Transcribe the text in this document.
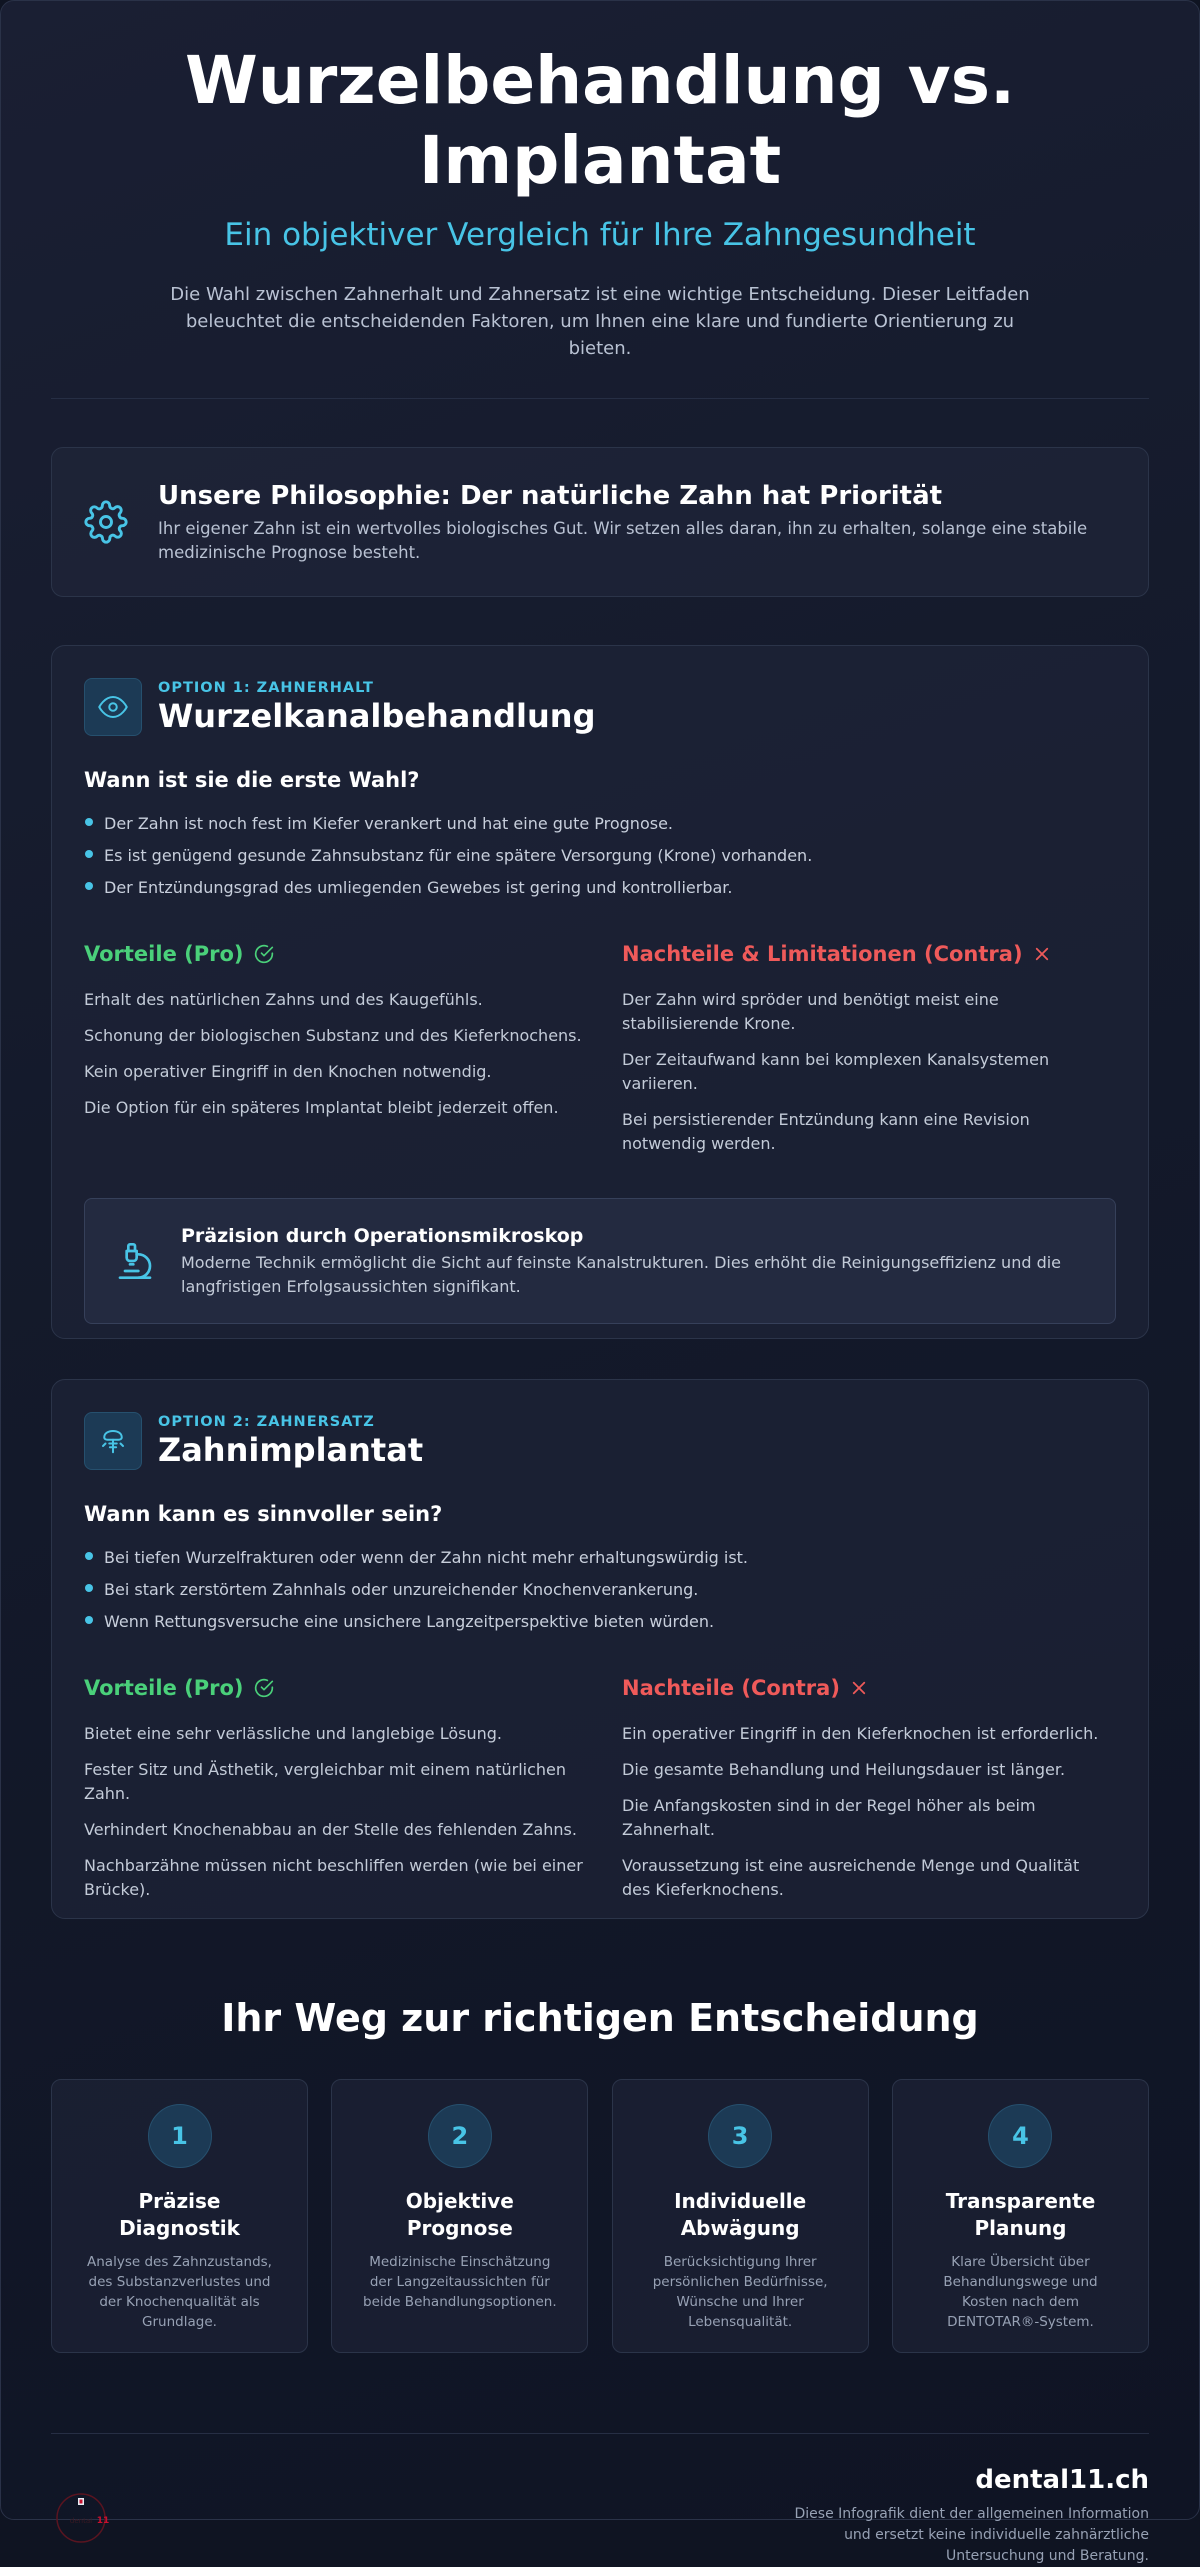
Wurzelbehandlung vs. Implantat
Ein objektiver Vergleich für Ihre Zahngesundheit

Die Wahl zwischen Zahnerhalt und Zahnersatz ist eine wichtige Entscheidung. Dieser Leitfaden beleuchtet die entscheidenden Faktoren, um Ihnen eine klare und fundierte Orientierung zu bieten.

Unsere Philosophie: Der natürliche Zahn hat Priorität
Ihr eigener Zahn ist ein wertvolles biologisches Gut. Wir setzen alles daran, ihn zu erhalten, solange eine stabile medizinische Prognose besteht.
OPTION 1: ZAHNERHALT
Wurzelkanalbehandlung
Wann ist sie die erste Wahl?
Der Zahn ist noch fest im Kiefer verankert und hat eine gute Prognose.
Es ist genügend gesunde Zahnsubstanz für eine spätere Versorgung (Krone) vorhanden.
Der Entzündungsgrad des umliegenden Gewebes ist gering und kontrollierbar.
Vorteile (Pro)
Erhalt des natürlichen Zahns und des Kaugefühls.
Schonung der biologischen Substanz und des Kieferknochens.
Kein operativer Eingriff in den Knochen notwendig.
Die Option für ein späteres Implantat bleibt jederzeit offen.
Nachteile & Limitationen (Contra)
Der Zahn wird spröder und benötigt meist eine stabilisierende Krone.
Der Zeitaufwand kann bei komplexen Kanalsystemen variieren.
Bei persistierender Entzündung kann eine Revision notwendig werden.
Präzision durch Operationsmikroskop
Moderne Technik ermöglicht die Sicht auf feinste Kanalstrukturen. Dies erhöht die Reinigungseffizienz und die langfristigen Erfolgsaussichten signifikant.
OPTION 2: ZAHNERSATZ
Zahnimplantat
Wann kann es sinnvoller sein?
Bei tiefen Wurzelfrakturen oder wenn der Zahn nicht mehr erhaltungswürdig ist.
Bei stark zerstörtem Zahnhals oder unzureichender Knochenverankerung.
Wenn Rettungsversuche eine unsichere Langzeitperspektive bieten würden.
Vorteile (Pro)
Bietet eine sehr verlässliche und langlebige Lösung.
Fester Sitz und Ästhetik, vergleichbar mit einem natürlichen Zahn.
Verhindert Knochenabbau an der Stelle des fehlenden Zahns.
Nachbarzähne müssen nicht beschliffen werden (wie bei einer Brücke).
Nachteile (Contra)
Ein operativer Eingriff in den Kieferknochen ist erforderlich.
Die gesamte Behandlung und Heilungsdauer ist länger.
Die Anfangskosten sind in der Regel höher als beim Zahnerhalt.
Voraussetzung ist eine ausreichende Menge und Qualität des Kieferknochens.
Ihr Weg zur richtigen Entscheidung
1
Präzise Diagnostik
Analyse des Zahnzustands, des Substanzverlustes und der Knochenqualität als Grundlage.
2
Objektive Prognose
Medizinische Einschätzung der Langzeitaussichten für beide Behandlungsoptionen.
3
Individuelle Abwägung
Berücksichtigung Ihrer persönlichen Bedürfnisse, Wünsche und Ihrer Lebensqualität.
4
Transparente Planung
Klare Übersicht über Behandlungswege und Kosten nach dem DENTOTAR®-System.
dental 11
dental11.ch
Diese Infografik dient der allgemeinen Information und ersetzt keine individuelle zahnärztliche Untersuchung und Beratung.
